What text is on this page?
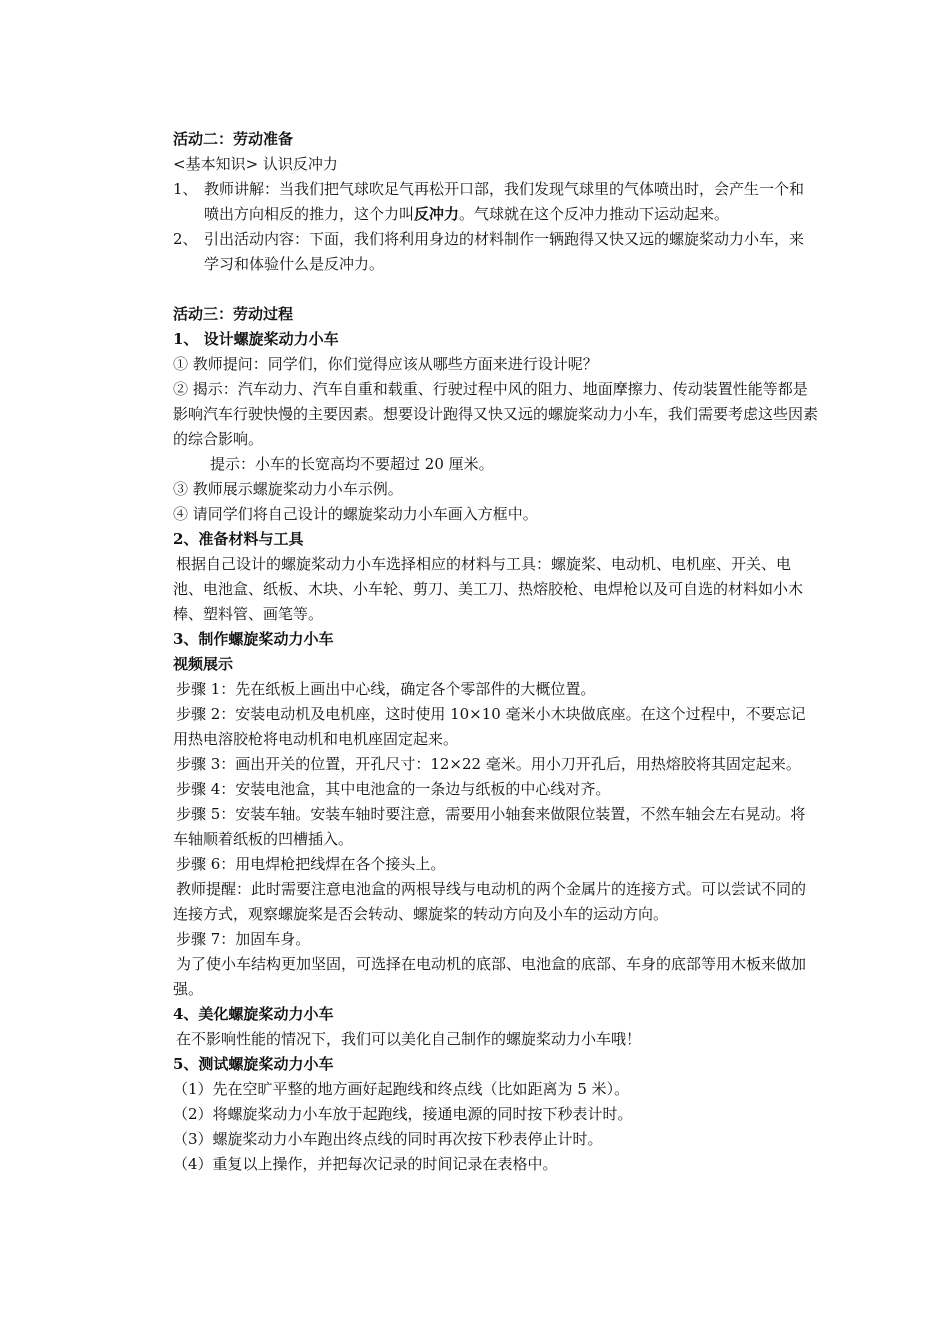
活动二：劳动准备

<基本知识> 认识反冲力

1、 教师讲解：当我们把气球吹足气再松开口部，我们发现气球里的气体喷出时，会产生一个和喷出方向相反的推力，这个力叫反冲力。气球就在这个反冲力推动下运动起来。
2、 引出活动内容：下面，我们将利用身边的材料制作一辆跑得又快又远的螺旋桨动力小车，来学习和体验什么是反冲力。

活动三：劳动过程

1、 设计螺旋桨动力小车

① 教师提问：同学们，你们觉得应该从哪些方面来进行设计呢？

② 揭示：汽车动力、汽车自重和载重、行驶过程中风的阻力、地面摩擦力、传动装置性能等都是影响汽车行驶快慢的主要因素。想要设计跑得又快又远的螺旋桨动力小车，我们需要考虑这些因素的综合影响。

提示：小车的长宽高均不要超过 20 厘米。

③ 教师展示螺旋桨动力小车示例。

④ 请同学们将自己设计的螺旋桨动力小车画入方框中。

2、准备材料与工具

根据自己设计的螺旋桨动力小车选择相应的材料与工具：螺旋桨、电动机、电机座、开关、电池、电池盒、纸板、木块、小车轮、剪刀、美工刀、热熔胶枪、电焊枪以及可自选的材料如小木棒、塑料管、画笔等。

3、制作螺旋桨动力小车

视频展示

步骤 1：先在纸板上画出中心线，确定各个零部件的大概位置。

步骤 2：安装电动机及电机座，这时使用 10×10 毫米小木块做底座。在这个过程中，不要忘记用热电溶胶枪将电动机和电机座固定起来。

步骤 3：画出开关的位置，开孔尺寸：12×22 毫米。用小刀开孔后，用热熔胶将其固定起来。

步骤 4：安装电池盒，其中电池盒的一条边与纸板的中心线对齐。

步骤 5：安装车轴。安装车轴时要注意，需要用小轴套来做限位装置，不然车轴会左右晃动。将车轴顺着纸板的凹槽插入。

步骤 6：用电焊枪把线焊在各个接头上。

教师提醒：此时需要注意电池盒的两根导线与电动机的两个金属片的连接方式。可以尝试不同的连接方式，观察螺旋桨是否会转动、螺旋桨的转动方向及小车的运动方向。

步骤 7：加固车身。

为了使小车结构更加坚固，可选择在电动机的底部、电池盒的底部、车身的底部等用木板来做加强。

4、美化螺旋桨动力小车

在不影响性能的情况下，我们可以美化自己制作的螺旋桨动力小车哦！

5、测试螺旋桨动力小车

（1）先在空旷平整的地方画好起跑线和终点线（比如距离为 5 米）。

（2）将螺旋桨动力小车放于起跑线，接通电源的同时按下秒表计时。

（3）螺旋桨动力小车跑出终点线的同时再次按下秒表停止计时。

（4）重复以上操作，并把每次记录的时间记录在表格中。
